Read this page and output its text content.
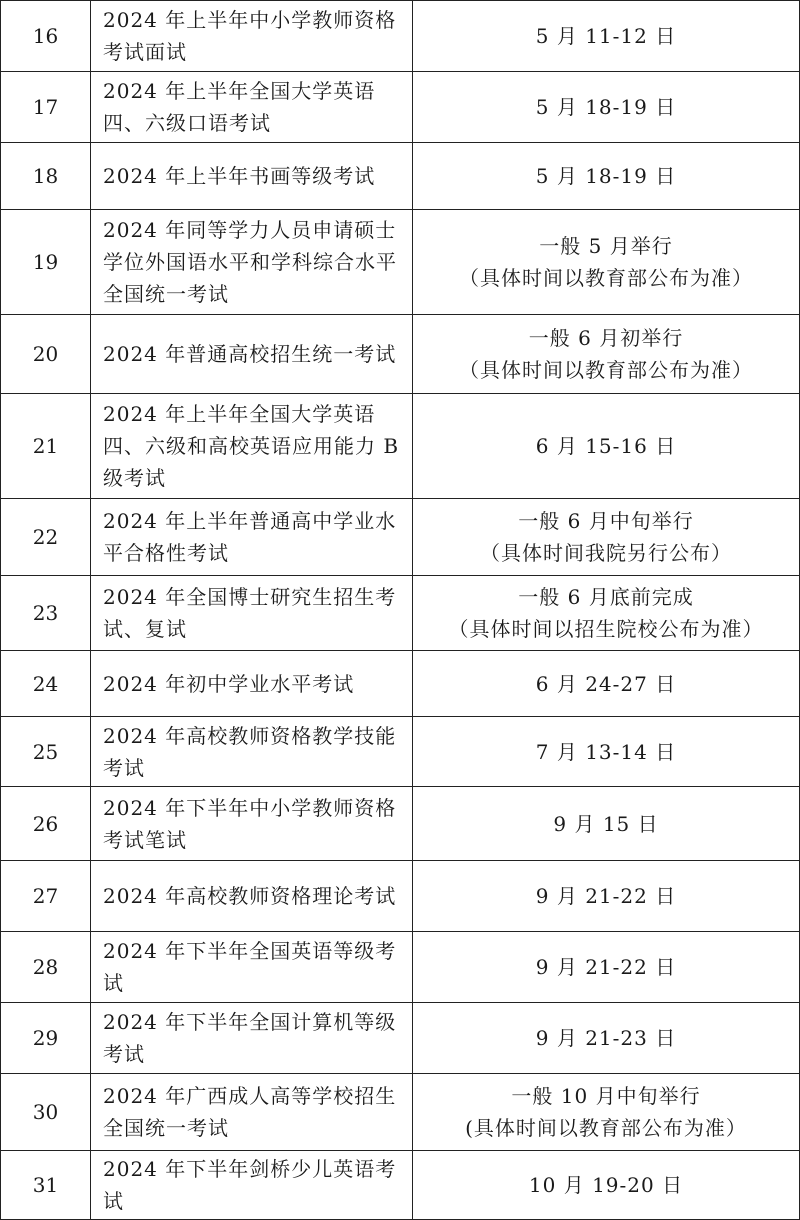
16	2024 年上半年中小学教师资格考试面试	5 月 11-12 日
17	2024 年上半年全国大学英语四、六级口语考试	5 月 18-19 日
18	2024 年上半年书画等级考试	5 月 18-19 日
19	2024 年同等学力人员申请硕士学位外国语水平和学科综合水平全国统一考试	一般 5 月举行
（具体时间以教育部公布为准）
20	2024 年普通高校招生统一考试	一般 6 月初举行
（具体时间以教育部公布为准）
21	2024 年上半年全国大学英语四、六级和高校英语应用能力 B 级考试	6 月 15-16 日
22	2024 年上半年普通高中学业水平合格性考试	一般 6 月中旬举行
（具体时间我院另行公布）
23	2024 年全国博士研究生招生考试、复试	一般 6 月底前完成
（具体时间以招生院校公布为准）
24	2024 年初中学业水平考试	6 月 24-27 日
25	2024 年高校教师资格教学技能考试	7 月 13-14 日
26	2024 年下半年中小学教师资格考试笔试	9 月 15 日
27	2024 年高校教师资格理论考试	9 月 21-22 日
28	2024 年下半年全国英语等级考试	9 月 21-22 日
29	2024 年下半年全国计算机等级考试	9 月 21-23 日
30	2024 年广西成人高等学校招生全国统一考试	一般 10 月中旬举行
(具体时间以教育部公布为准）
31	2024 年下半年剑桥少儿英语考试	10 月 19-20 日
